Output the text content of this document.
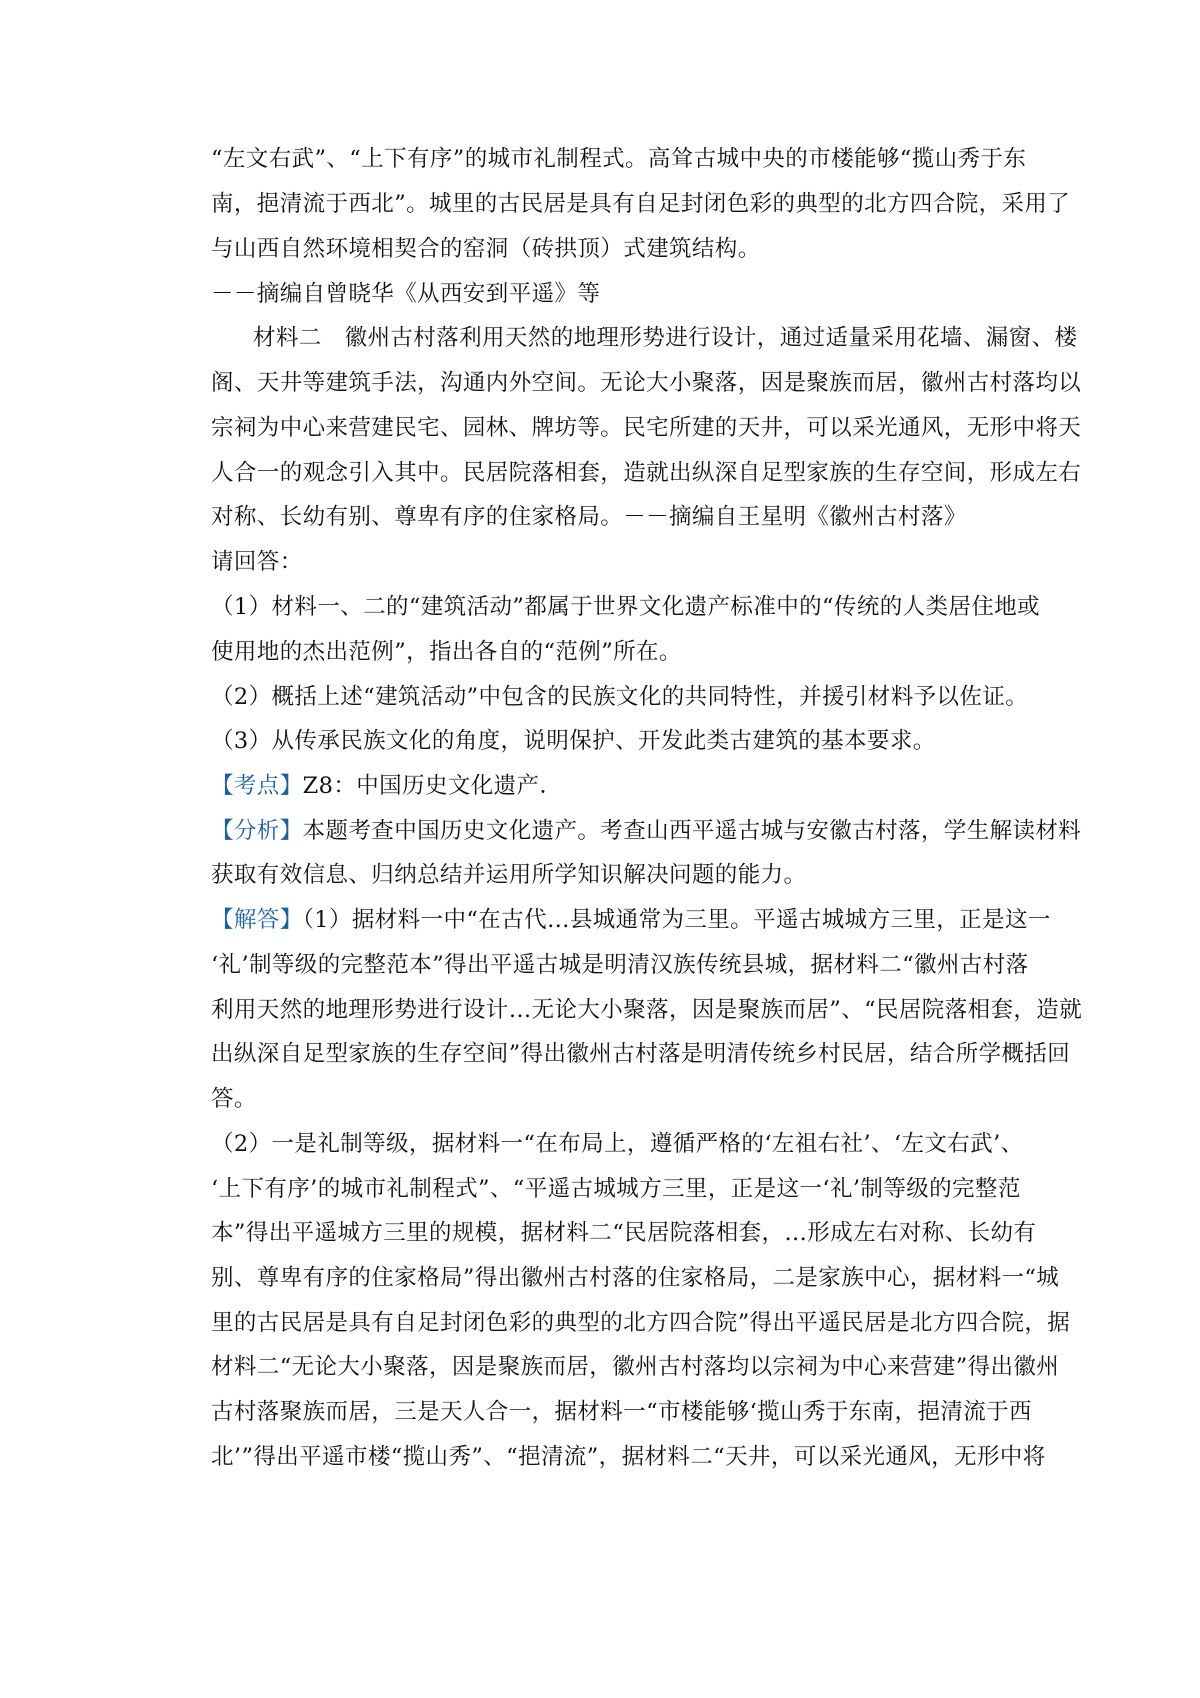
“左文右武”、“上下有序”的城市礼制程式。高耸古城中央的市楼能够“揽山秀于东
南，挹清流于西北”。城里的古民居是具有自足封闭色彩的典型的北方四合院，采用了
与山西自然环境相契合的窑洞（砖拱顶）式建筑结构。
－－摘编自曾晓华《从西安到平遥》等
材料二　徽州古村落利用天然的地理形势进行设计，通过适量采用花墙、漏窗、楼
阁、天井等建筑手法，沟通内外空间。无论大小聚落，因是聚族而居，徽州古村落均以
宗祠为中心来营建民宅、园林、牌坊等。民宅所建的天井，可以采光通风，无形中将天
人合一的观念引入其中。民居院落相套，造就出纵深自足型家族的生存空间，形成左右
对称、长幼有别、尊卑有序的住家格局。－－摘编自王星明《徽州古村落》
请回答：
（1）材料一、二的“建筑活动”都属于世界文化遗产标准中的“传统的人类居住地或
使用地的杰出范例”，指出各自的“范例”所在。
（2）概括上述“建筑活动”中包含的民族文化的共同特性，并援引材料予以佐证。
（3）从传承民族文化的角度，说明保护、开发此类古建筑的基本要求。
【考点】Z8：中国历史文化遗产．
【分析】本题考查中国历史文化遗产。考查山西平遥古城与安徽古村落，学生解读材料
获取有效信息、归纳总结并运用所学知识解决问题的能力。
【解答】（1）据材料一中“在古代…县城通常为三里。平遥古城城方三里，正是这一
‘礼’制等级的完整范本”得出平遥古城是明清汉族传统县城，据材料二“徽州古村落
利用天然的地理形势进行设计…无论大小聚落，因是聚族而居”、“民居院落相套，造就
出纵深自足型家族的生存空间”得出徽州古村落是明清传统乡村民居，结合所学概括回
答。
（2）一是礼制等级，据材料一“在布局上，遵循严格的‘左祖右社’、‘左文右武’、
‘上下有序’的城市礼制程式”、“平遥古城城方三里，正是这一‘礼’制等级的完整范
本”得出平遥城方三里的规模，据材料二“民居院落相套，…形成左右对称、长幼有
别、尊卑有序的住家格局”得出徽州古村落的住家格局，二是家族中心，据材料一“城
里的古民居是具有自足封闭色彩的典型的北方四合院”得出平遥民居是北方四合院，据
材料二“无论大小聚落，因是聚族而居，徽州古村落均以宗祠为中心来营建”得出徽州
古村落聚族而居，三是天人合一，据材料一“市楼能够‘揽山秀于东南，挹清流于西
北’”得出平遥市楼“揽山秀”、“挹清流”，据材料二“天井，可以采光通风，无形中将
